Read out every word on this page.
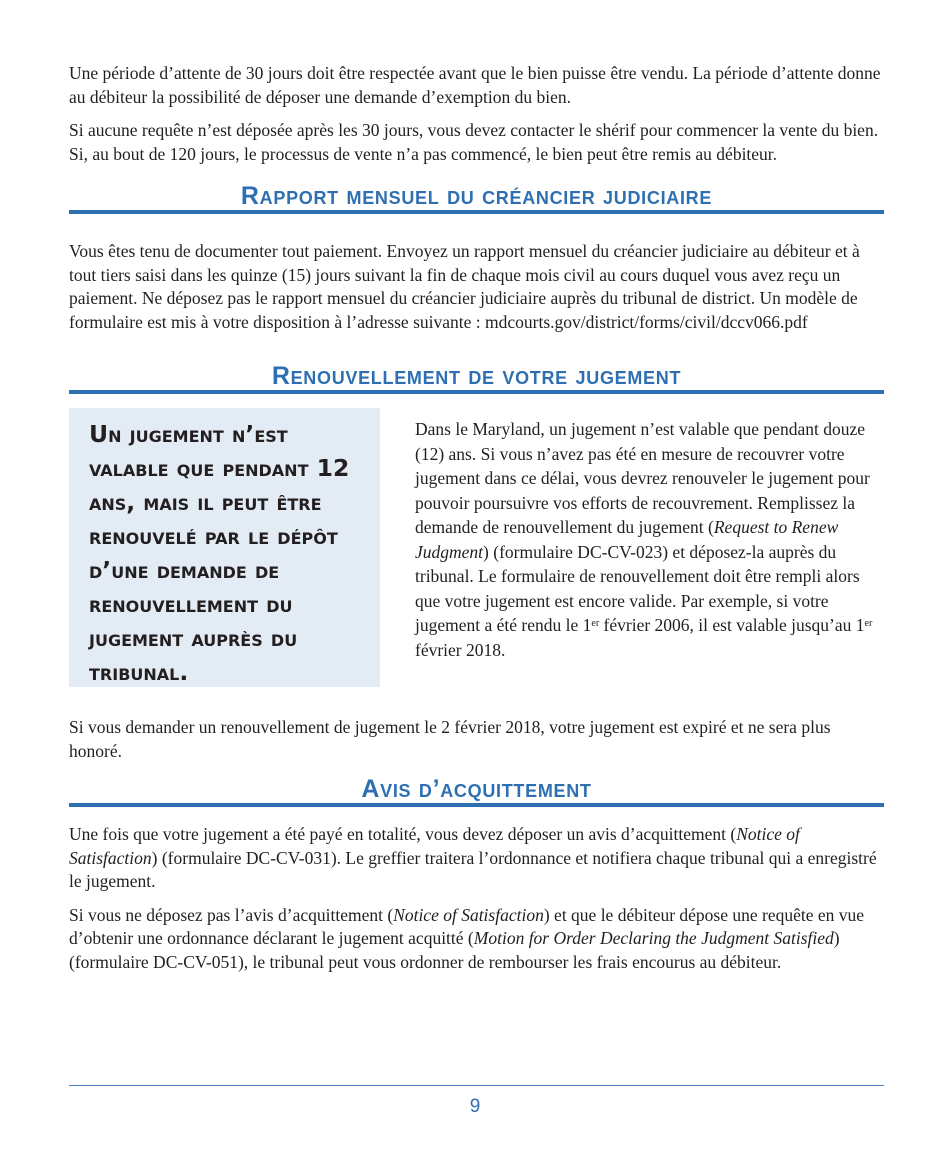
Une période d’attente de 30 jours doit être respectée avant que le bien puisse être vendu. La période d’attente donne au débiteur la possibilité de déposer une demande d’exemption du bien.

Si aucune requête n’est déposée après les 30 jours, vous devez contacter le shérif pour commencer la vente du bien. Si, au bout de 120 jours, le processus de vente n’a pas commencé, le bien peut être remis au débiteur.

Rapport mensuel du créancier judiciaire

Vous êtes tenu de documenter tout paiement. Envoyez un rapport mensuel du créancier judiciaire au débiteur et à tout tiers saisi dans les quinze (15) jours suivant la fin de chaque mois civil au cours duquel vous avez reçu un paiement. Ne déposez pas le rapport mensuel du créancier judiciaire auprès du tribunal de district. Un modèle de formulaire est mis à votre disposition à l’adresse suivante : mdcourts.gov/district/forms/civil/dccv066.pdf

Renouvellement de votre jugement
Un jugement n’est valable que pendant 12 ans, mais il peut être renouvelé par le dépôt d’une demande de renouvellement du jugement auprès du tribunal.

Dans le Maryland, un jugement n’est valable que pendant douze (12) ans. Si vous n’avez pas été en mesure de recouvrer votre jugement dans ce délai, vous devrez renouveler le jugement pour pouvoir poursuivre vos efforts de recouvrement. Remplissez la demande de renouvellement du jugement (Request to Renew Judgment) (formulaire DC-CV-023) et déposez-la auprès du tribunal. Le formulaire de renouvellement doit être rempli alors que votre jugement est encore valide. Par exemple, si votre jugement a été rendu le 1er février 2006, il est valable jusqu’au 1er février 2018.

Si vous demander un renouvellement de jugement le 2 février 2018, votre jugement est expiré et ne sera plus honoré.

Avis d’acquittement

Une fois que votre jugement a été payé en totalité, vous devez déposer un avis d’acquittement (Notice of Satisfaction) (formulaire DC-CV-031). Le greffier traitera l’ordonnance et notifiera chaque tribunal qui a enregistré le jugement.

Si vous ne déposez pas l’avis d’acquittement (Notice of Satisfaction) et que le débiteur dépose une requête en vue d’obtenir une ordonnance déclarant le jugement acquitté (Motion for Order Declaring the Judgment Satisfied) (formulaire DC-CV-051), le tribunal peut vous ordonner de rembourser les frais encourus au débiteur.

9
